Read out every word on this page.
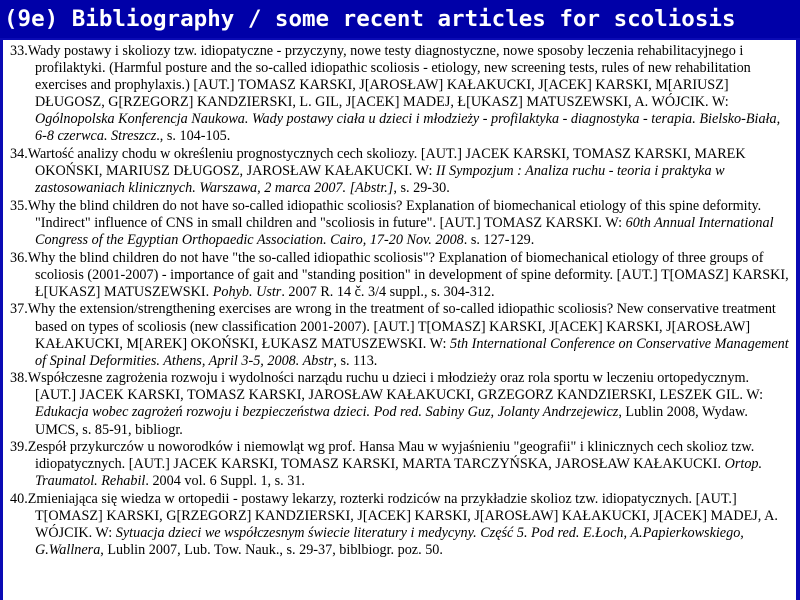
(9e) Bibliography / some recent articles for scoliosis

33.Wady postawy i skoliozy tzw. idiopatyczne - przyczyny, nowe testy diagnostyczne, nowe sposoby leczenia rehabilitacyjnego i profilaktyki. (Harmful posture and the so-called idiopathic scoliosis - etiology, new screening tests, rules of new rehabilitation exercises and prophylaxis.) [AUT.] TOMASZ KARSKI, J[AROSŁAW] KAŁAKUCKI, J[ACEK] KARSKI, M[ARIUSZ] DŁUGOSZ, G[RZEGORZ] KANDZIERSKI, L. GIL, J[ACEK] MADEJ, Ł[UKASZ] MATUSZEWSKI, A. WÓJCIK. W: Ogólnopolska Konferencja Naukowa. Wady postawy ciała u dzieci i młodzieży - profilaktyka - diagnostyka - terapia. Bielsko-Biała, 6-8 czerwca. Streszcz., s. 104-105.

34.Wartość analizy chodu w określeniu prognostycznych cech skoliozy. [AUT.] JACEK KARSKI, TOMASZ KARSKI, MAREK OKOŃSKI, MARIUSZ DŁUGOSZ, JAROSŁAW KAŁAKUCKI. W: II Sympozjum : Analiza ruchu - teoria i praktyka w zastosowaniach klinicznych. Warszawa, 2 marca 2007. [Abstr.], s. 29-30.

35.Why the blind children do not have so-called idiopathic scoliosis? Explanation of biomechanical etiology of this spine deformity. "Indirect" influence of CNS in small children and "scoliosis in future". [AUT.] TOMASZ KARSKI. W: 60th Annual International Congress of the Egyptian Orthopaedic Association. Cairo, 17-20 Nov. 2008. s. 127-129.

36.Why the blind children do not have "the so-called idiopathic scoliosis"? Explanation of biomechanical etiology of three groups of scoliosis (2001-2007) - importance of gait and "standing position" in development of spine deformity. [AUT.] T[OMASZ] KARSKI, Ł[UKASZ] MATUSZEWSKI. Pohyb. Ustr. 2007 R. 14 č. 3/4 suppl., s. 304-312.

37.Why the extension/strengthening exercises are wrong in the treatment of so-called idiopathic scoliosis? New conservative treatment based on types of scoliosis (new classification 2001-2007). [AUT.] T[OMASZ] KARSKI, J[ACEK] KARSKI, J[AROSŁAW] KAŁAKUCKI, M[AREK] OKOŃSKI, ŁUKASZ MATUSZEWSKI. W: 5th International Conference on Conservative Management of Spinal Deformities. Athens, April 3-5, 2008. Abstr, s. 113.

38.Współczesne zagrożenia rozwoju i wydolności narządu ruchu u dzieci i młodzieży oraz rola sportu w leczeniu ortopedycznym. [AUT.] JACEK KARSKI, TOMASZ KARSKI, JAROSŁAW KAŁAKUCKI, GRZEGORZ KANDZIERSKI, LESZEK GIL. W: Edukacja wobec zagrożeń rozwoju i bezpieczeństwa dzieci. Pod red. Sabiny Guz, Jolanty Andrzejewicz, Lublin 2008, Wydaw. UMCS, s. 85-91, bibliogr.

39.Zespół przykurczów u noworodków i niemowląt wg prof. Hansa Mau w wyjaśnieniu "geografii" i klinicznych cech skolioz tzw. idiopatycznych. [AUT.] JACEK KARSKI, TOMASZ KARSKI, MARTA TARCZYŃSKA, JAROSŁAW KAŁAKUCKI. Ortop. Traumatol. Rehabil. 2004 vol. 6 Suppl. 1, s. 31.

40.Zmieniająca się wiedza w ortopedii - postawy lekarzy, rozterki rodziców na przykładzie skolioz tzw. idiopatycznych. [AUT.] T[OMASZ] KARSKI, G[RZEGORZ] KANDZIERSKI, J[ACEK] KARSKI, J[AROSŁAW] KAŁAKUCKI, J[ACEK] MADEJ, A. WÓJCIK. W: Sytuacja dzieci we współczesnym świecie literatury i medycyny. Część 5. Pod red. E.Łoch, A.Papierkowskiego, G.Wallnera, Lublin 2007, Lub. Tow. Nauk., s. 29-37, biblbiogr. poz. 50.
